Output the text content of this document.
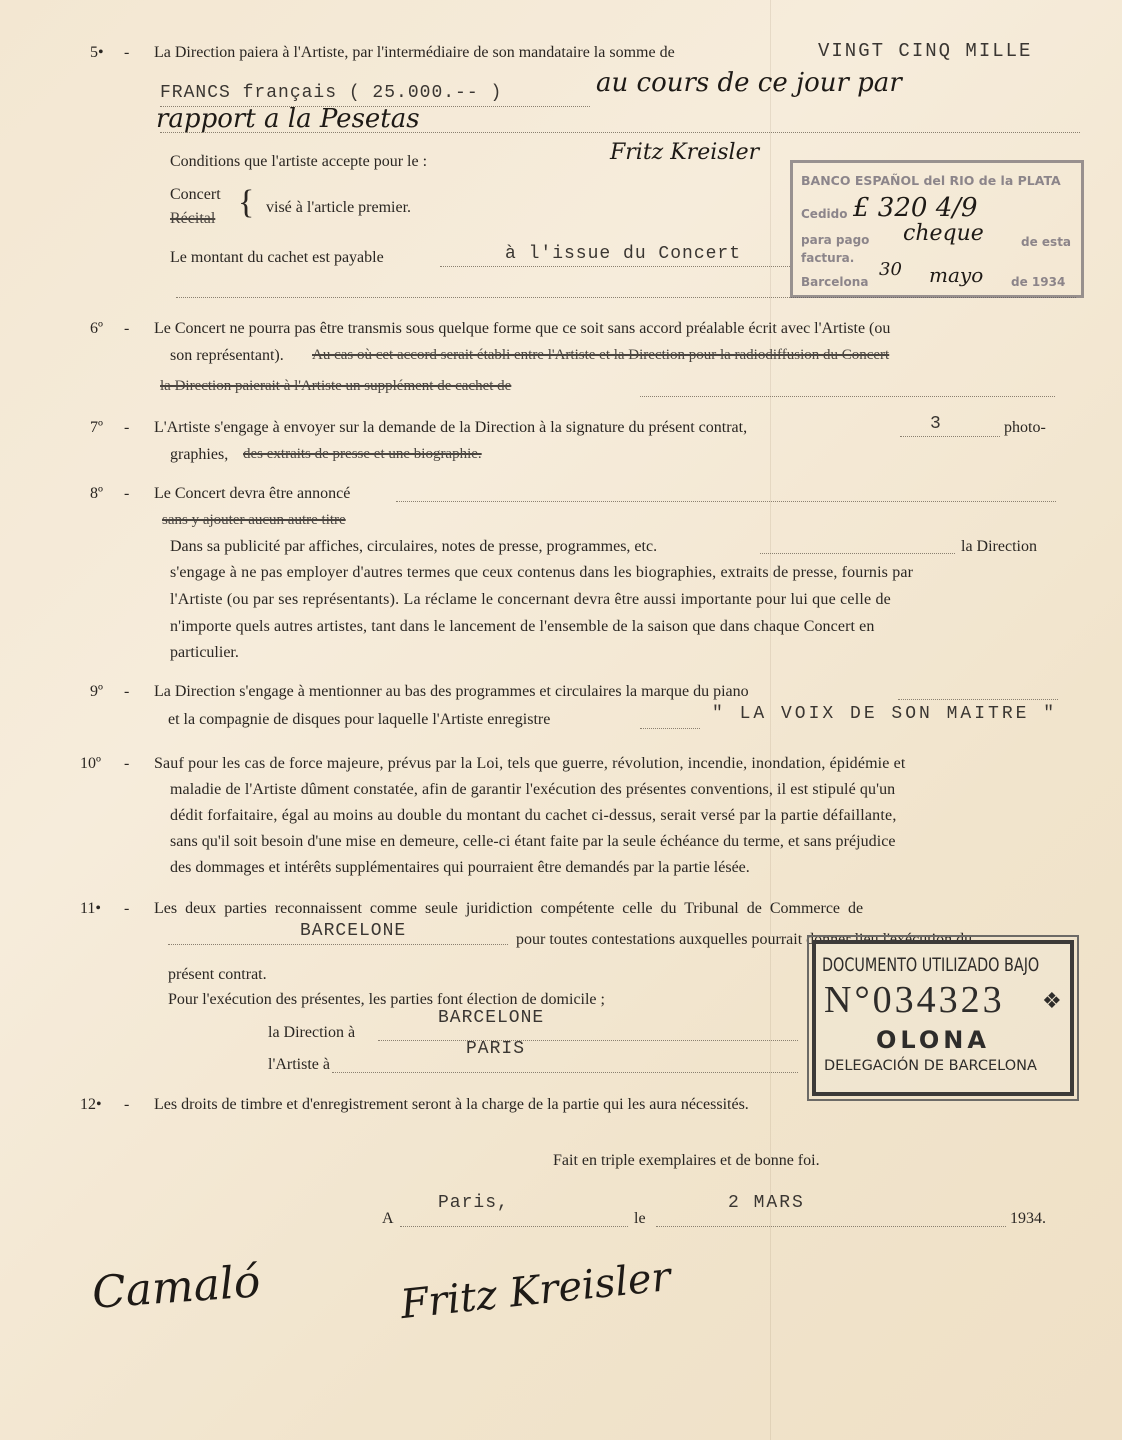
5• - La Direction paiera à l'Artiste, par l'intermédiaire de son mandataire la somme de	VINGT CINQ MILLE
FRANCS français ( 25.000.-- )	au cours de ce jour par
rapport a la Pesetas
Conditions que l'artiste accepte pour le :	Fritz Kreisler
Concert
Récital { visé à l'article premier.
Le montant du cachet est payable	à l'issue du Concert
BANCO ESPAÑOL del RIO de la PLATA
Cedido £ 320 4/9
para pago cheque	de esta
factura.
Barcelona
30 mayo de 1934
6º - Le Concert ne pourra pas être transmis sous quelque forme que ce soit sans accord préalable écrit avec l'Artiste (ou
son représentant). Au cas où cet accord serait établi entre l'Artiste et la Direction pour la radiodiffusion du Concert
la Direction paierait à l'Artiste un supplément de cachet de
7º - L'Artiste s'engage à envoyer sur la demande de la Direction à la signature du présent contrat,	3	photo-
graphies, des extraits de presse et une biographie.
8º - Le Concert devra être annoncé
sans y ajouter aucun autre titre
Dans sa publicité par affiches, circulaires, notes de presse, programmes, etc.	la Direction
s'engage à ne pas employer d'autres termes que ceux contenus dans les biographies, extraits de presse, fournis par
l'Artiste (ou par ses représentants). La réclame le concernant devra être aussi importante pour lui que celle de
n'importe quels autres artistes, tant dans le lancement de l'ensemble de la saison que dans chaque Concert en
particulier.
9º - La Direction s'engage à mentionner au bas des programmes et circulaires la marque du piano
et la compagnie de disques pour laquelle l'Artiste enregistre	" LA VOIX DE SON MAITRE "
10º - Sauf pour les cas de force majeure, prévus par la Loi, tels que guerre, révolution, incendie, inondation, épidémie et
maladie de l'Artiste dûment constatée, afin de garantir l'exécution des présentes conventions, il est stipulé qu'un
dédit forfaitaire, égal au moins au double du montant du cachet ci-dessus, serait versé par la partie défaillante,
sans qu'il soit besoin d'une mise en demeure, celle-ci étant faite par la seule échéance du terme, et sans préjudice
des dommages et intérêts supplémentaires qui pourraient être demandés par la partie lésée.
11• - Les deux parties reconnaissent comme seule juridiction compétente celle du Tribunal de Commerce de
BARCELONE	pour toutes contestations auxquelles pourrait donner lieu l'exécution du
présent contrat.
Pour l'exécution des présentes, les parties font élection de domicile ;
la Direction à
BARCELONE
l'Artiste à
PARIS
DOCUMENTO UTILIZADO BAJO
N°034323 ❖
OLONA
DELEGACIÓN DE BARCELONA
12• - Les droits de timbre et d'enregistrement seront à la charge de la partie qui les aura nécessités.
Fait en triple exemplaires et de bonne foi.
A
Paris,
le
2 MARS
1934.
Camaló	Fritz Kreisler
